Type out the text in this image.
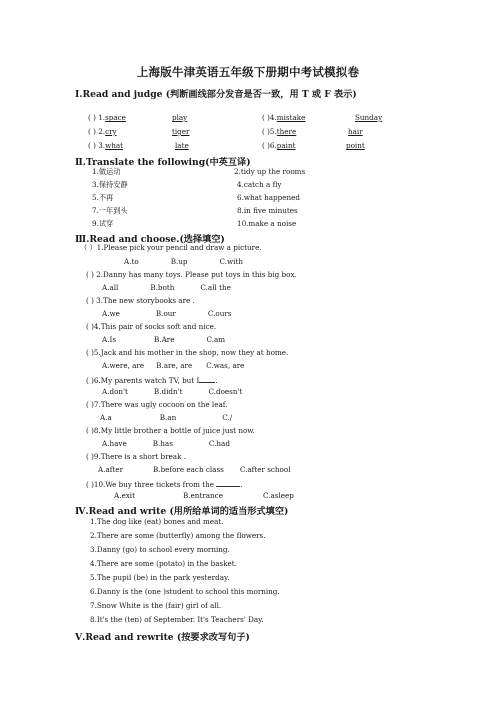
上海版牛津英语五年级下册期中考试模拟卷
Ⅰ.Read and judge (判断画线部分发音是否一致，用 T 或 F 表示)
( ) 1.space	play	( )4.mistake	Sunday
( ) 2.cry	tiger	( )5.there	hair
( ) 3.what	late	( )6.paint	point
Ⅱ.Translate the following(中英互译)
1.做运动	2.tidy up the rooms
3.保持安静	4.catch a fly
5.不再	6.what happened
7.一年到头	8.in five minutes
9.试穿	10.make a noise
Ⅲ.Read and choose.(选择填空)
（ ）1.Please pick your pencil and draw a picture.
A.to	B.up	C.with
( ) 2.Danny has many toys. Please put toys in this big box.
A.all	B.both	C.all the
( ) 3.The new storybooks are .
A.we	B.our	C.ours
( )4.This pair of socks soft and nice.
A.Is	B.Are	C.am
( )5.Jack and his mother in the shop, now they at home.
A.were, are B.are, are C.was, are
( )6.My parents watch TV, but I .
A.don't	B.didn't	C.doesn't
( )7.There was ugly cocoon on the leaf.
A.a	B.an	C./
( )8.My little brother a bottle of juice just now.
A.have	B.has	C.had
( )9.There is a short break .
A.after	B.before each class C.after school
( )10.We buy three tickets from the	.
A.exit	B.entrance	C.asleep
Ⅳ.Read and write (用所给单词的适当形式填空)
1.The dog like (eat) bones and meat.
2.There are some (butterfly) among the flowers.
3.Danny (go) to school every morning.
4.There are some (potato) in the basket.
5.The pupil (be) in the park yesterday.
6.Danny is the (one )student to school this morning.
7.Snow White is the (fair) girl of all.
8.It's the (ten) of September. It's Teachers' Day.
Ⅴ.Read and rewrite (按要求改写句子)
